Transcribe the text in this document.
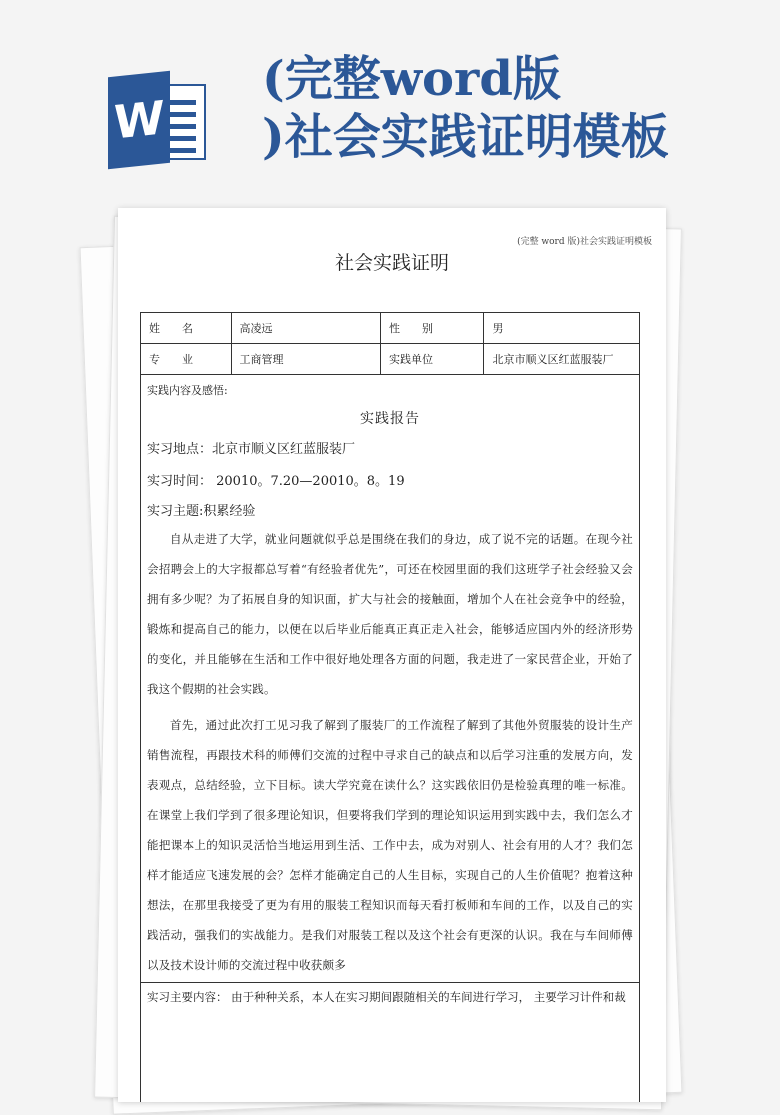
W
(完整word版
)社会实践证明模板
(完整 word 版)社会实践证明模板
社会实践证明
姓　　名	高凌远	性　　别	男
专　　业	工商管理	实践单位	北京市顺义区红蓝服装厂
实践内容及感悟:
实践报告
实习地点：北京市顺义区红蓝服装厂
实习时间： 20010。7.20—20010。8。19
实习主题:积累经验

自从走进了大学，就业问题就似乎总是围绕在我们的身边，成了说不完的话题。在现今社会招聘会上的大字报都总写着“有经验者优先”，可还在校园里面的我们这班学子社会经验又会拥有多少呢？为了拓展自身的知识面，扩大与社会的接触面，增加个人在社会竞争中的经验，锻炼和提高自己的能力，以便在以后毕业后能真正真正走入社会，能够适应国内外的经济形势的变化，并且能够在生活和工作中很好地处理各方面的问题，我走进了一家民营企业，开始了我这个假期的社会实践。

首先，通过此次打工见习我了解到了服装厂的工作流程了解到了其他外贸服装的设计生产销售流程，再跟技术科的师傅们交流的过程中寻求自己的缺点和以后学习注重的发展方向，发表观点，总结经验，立下目标。读大学究竟在读什么？这实践依旧仍是检验真理的唯一标准。在课堂上我们学到了很多理论知识，但要将我们学到的理论知识运用到实践中去，我们怎么才能把课本上的知识灵活恰当地运用到生活、工作中去，成为对别人、社会有用的人才？我们怎样才能适应飞速发展的会？怎样才能确定自己的人生目标，实现自己的人生价值呢？抱着这种想法，在那里我接受了更为有用的服装工程知识而每天看打板师和车间的工作，以及自己的实践活动，强我们的实战能力。是我们对服装工程以及这个社会有更深的认识。我在与车间师傅以及技术设计师的交流过程中收获颇多

实习主要内容： 由于种种关系，本人在实习期间跟随相关的车间进行学习， 主要学习计件和裁
